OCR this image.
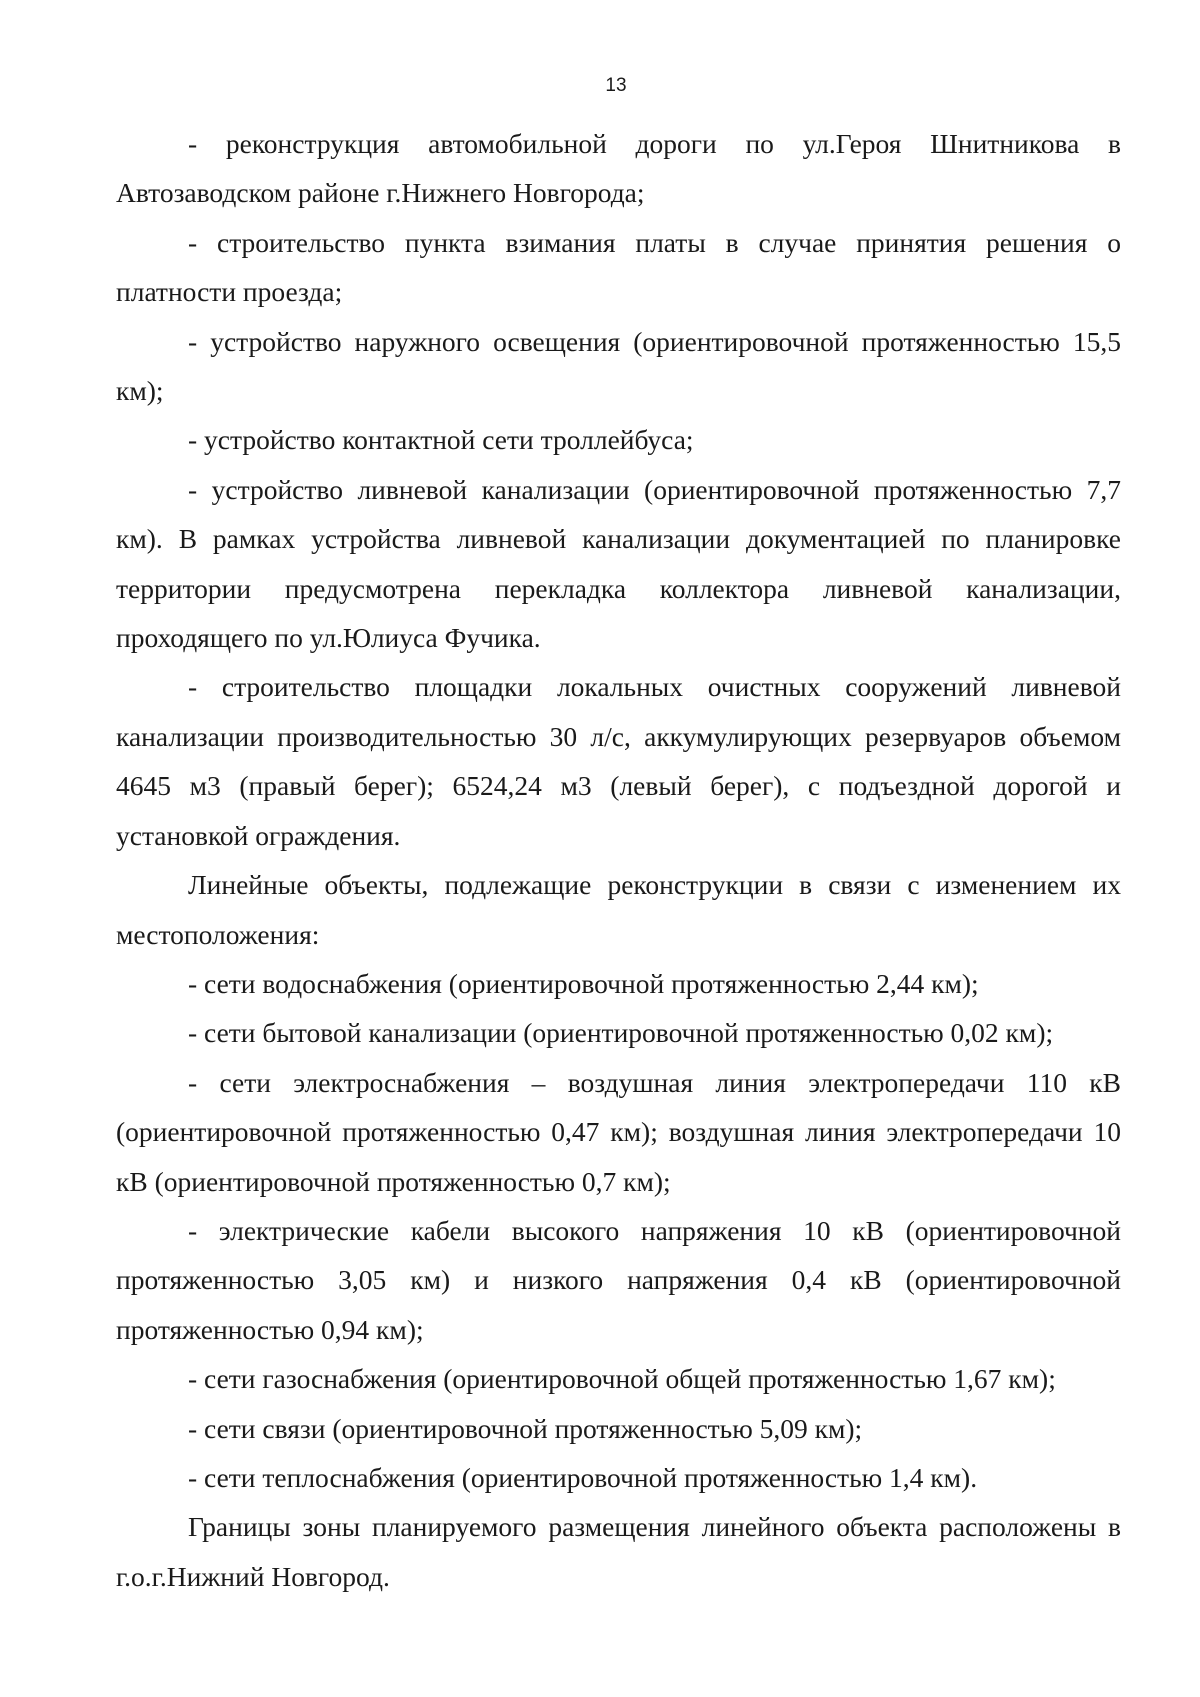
13

- реконструкция автомобильной дороги по ул.Героя Шнитникова в Автозаводском районе г.Нижнего Новгорода;

- строительство пункта взимания платы в случае принятия решения о платности проезда;

- устройство наружного освещения (ориентировочной протяженностью 15,5 км);

- устройство контактной сети троллейбуса;

- устройство ливневой канализации (ориентировочной протяженностью 7,7 км). В рамках устройства ливневой канализации документацией по планировке территории предусмотрена перекладка коллектора ливневой канализации, проходящего по ул.Юлиуса Фучика.

- строительство площадки локальных очистных сооружений ливневой канализации производительностью 30 л/с, аккумулирующих резервуаров объемом 4645 м3 (правый берег); 6524,24 м3 (левый берег), с подъездной дорогой и установкой ограждения.

Линейные объекты, подлежащие реконструкции в связи с изменением их местоположения:

- сети водоснабжения (ориентировочной протяженностью 2,44 км);

- сети бытовой канализации (ориентировочной протяженностью 0,02 км);

- сети электроснабжения – воздушная линия электропередачи 110 кВ (ориентировочной протяженностью 0,47 км); воздушная линия электропередачи 10 кВ (ориентировочной протяженностью 0,7 км);

- электрические кабели высокого напряжения 10 кВ (ориентировочной протяженностью 3,05 км) и низкого напряжения 0,4 кВ (ориентировочной протяженностью 0,94 км);

- сети газоснабжения (ориентировочной общей протяженностью 1,67 км);

- сети связи (ориентировочной протяженностью 5,09 км);

- сети теплоснабжения (ориентировочной протяженностью 1,4 км).

Границы зоны планируемого размещения линейного объекта расположены в г.о.г.Нижний Новгород.
